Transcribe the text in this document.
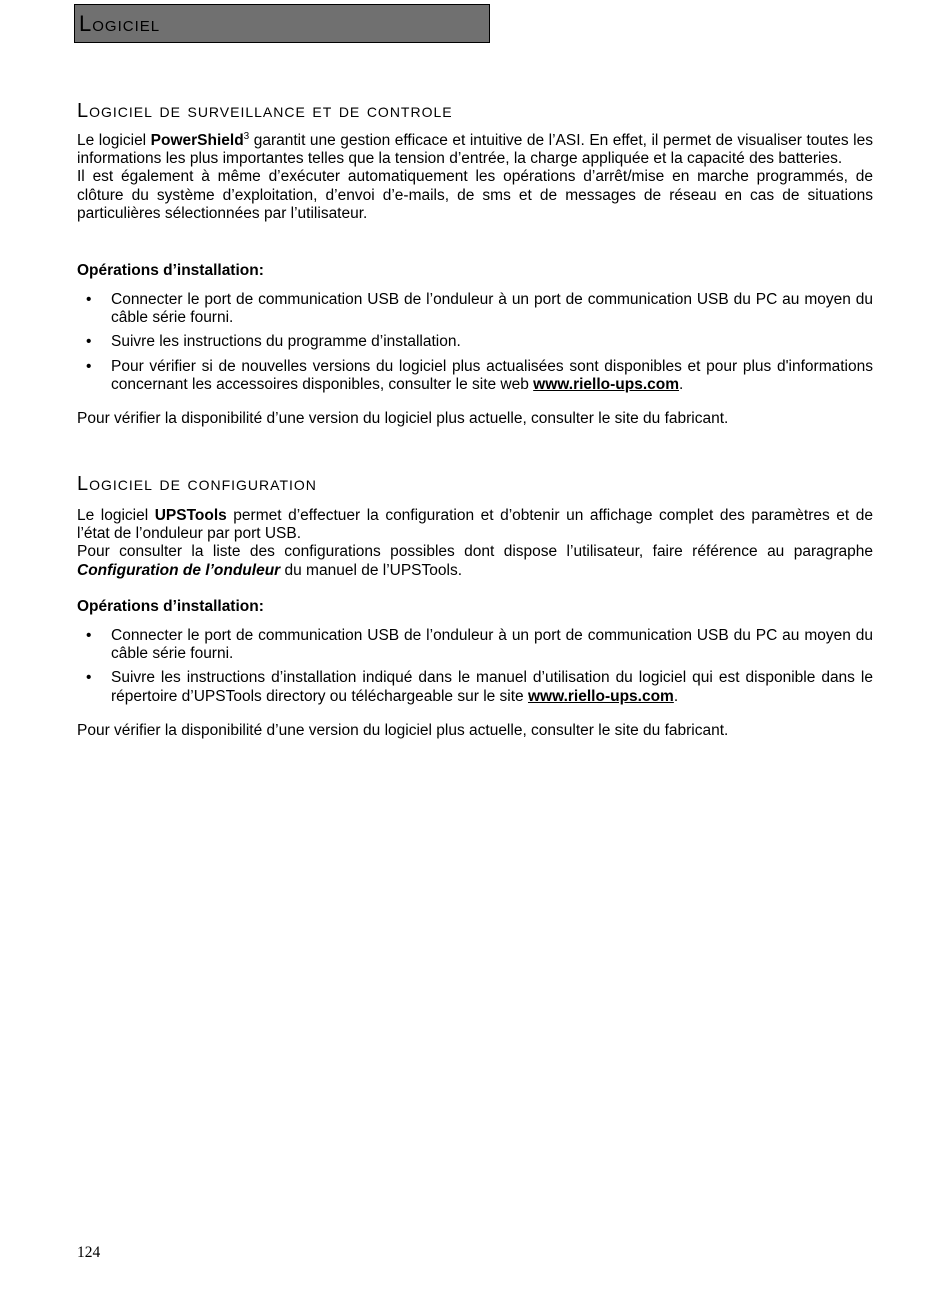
Logiciel
Logiciel de surveillance et de controle

Le logiciel PowerShield$^3$ garantit une gestion efficace et intuitive de l’ASI. En effet, il permet de visualiser toutes les informations les plus importantes telles que la tension d’entrée, la charge appliquée et la capacité des batteries.

Il est également à même d’exécuter automatiquement les opérations d’arrêt/mise en marche programmés, de clôture du système d’exploitation, d’envoi d’e-mails, de sms et de messages de réseau en cas de situations particulières sélectionnées par l’utilisateur.

Opérations d’installation:

• Connecter le port de communication USB de l’onduleur à un port de communication USB du PC au moyen du câble série fourni.
• Suivre les instructions du programme d’installation.
• Pour vérifier si de nouvelles versions du logiciel plus actualisées sont disponibles et pour plus d'informations concernant les accessoires disponibles, consulter le site web www.riello-ups.com.

Pour vérifier la disponibilité d’une version du logiciel plus actuelle, consulter le site du fabricant.

Logiciel de configuration

Le logiciel UPSTools permet d’effectuer la configuration et d’obtenir un affichage complet des paramètres et de l’état de l’onduleur par port USB.

Pour consulter la liste des configurations possibles dont dispose l’utilisateur, faire référence au paragraphe Configuration de l’onduleur du manuel de l’UPSTools.

Opérations d’installation:

• Connecter le port de communication USB de l’onduleur à un port de communication USB du PC au moyen du câble série fourni.
• Suivre les instructions d’installation indiqué dans le manuel d’utilisation du logiciel qui est disponible dans le répertoire d’UPSTools directory ou téléchargeable sur le site www.riello-ups.com.

Pour vérifier la disponibilité d’une version du logiciel plus actuelle, consulter le site du fabricant.

124
